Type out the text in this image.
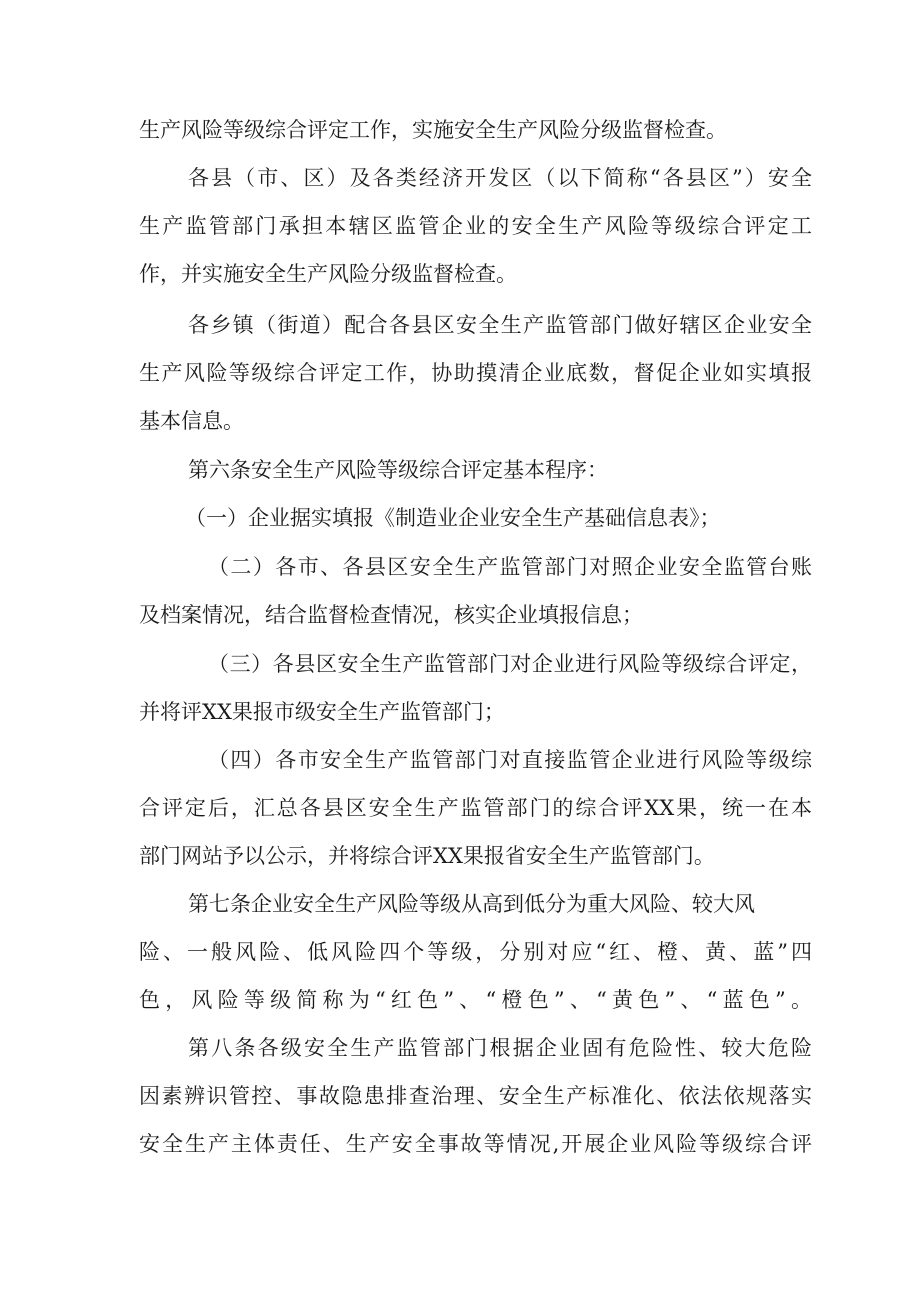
生产风险等级综合评定工作，实施安全生产风险分级监督检查。
各县（市、区）及各类经济开发区（以下简称“各县区”）安全
生产监管部门承担本辖区监管企业的安全生产风险等级综合评定工
作，并实施安全生产风险分级监督检查。
各乡镇（街道）配合各县区安全生产监管部门做好辖区企业安全
生产风险等级综合评定工作，协助摸清企业底数，督促企业如实填报
基本信息。
第六条安全生产风险等级综合评定基本程序：
（一）企业据实填报《制造业企业安全生产基础信息表》；
（二）各市、各县区安全生产监管部门对照企业安全监管台账
及档案情况，结合监督检查情况，核实企业填报信息；
（三）各县区安全生产监管部门对企业进行风险等级综合评定，
并将评XX果报市级安全生产监管部门；
（四）各市安全生产监管部门对直接监管企业进行风险等级综
合评定后，汇总各县区安全生产监管部门的综合评XX果，统一在本
部门网站予以公示，并将综合评XX果报省安全生产监管部门。
第七条企业安全生产风险等级从高到低分为重大风险、较大风
险、一般风险、低风险四个等级，分别对应“红、橙、黄、蓝”四
色，风险等级简称为“红色”、“橙色”、“黄色”、“蓝色”。
第八条各级安全生产监管部门根据企业固有危险性、较大危险
因素辨识管控、事故隐患排查治理、安全生产标准化、依法依规落实
安全生产主体责任、生产安全事故等情况,开展企业风险等级综合评
